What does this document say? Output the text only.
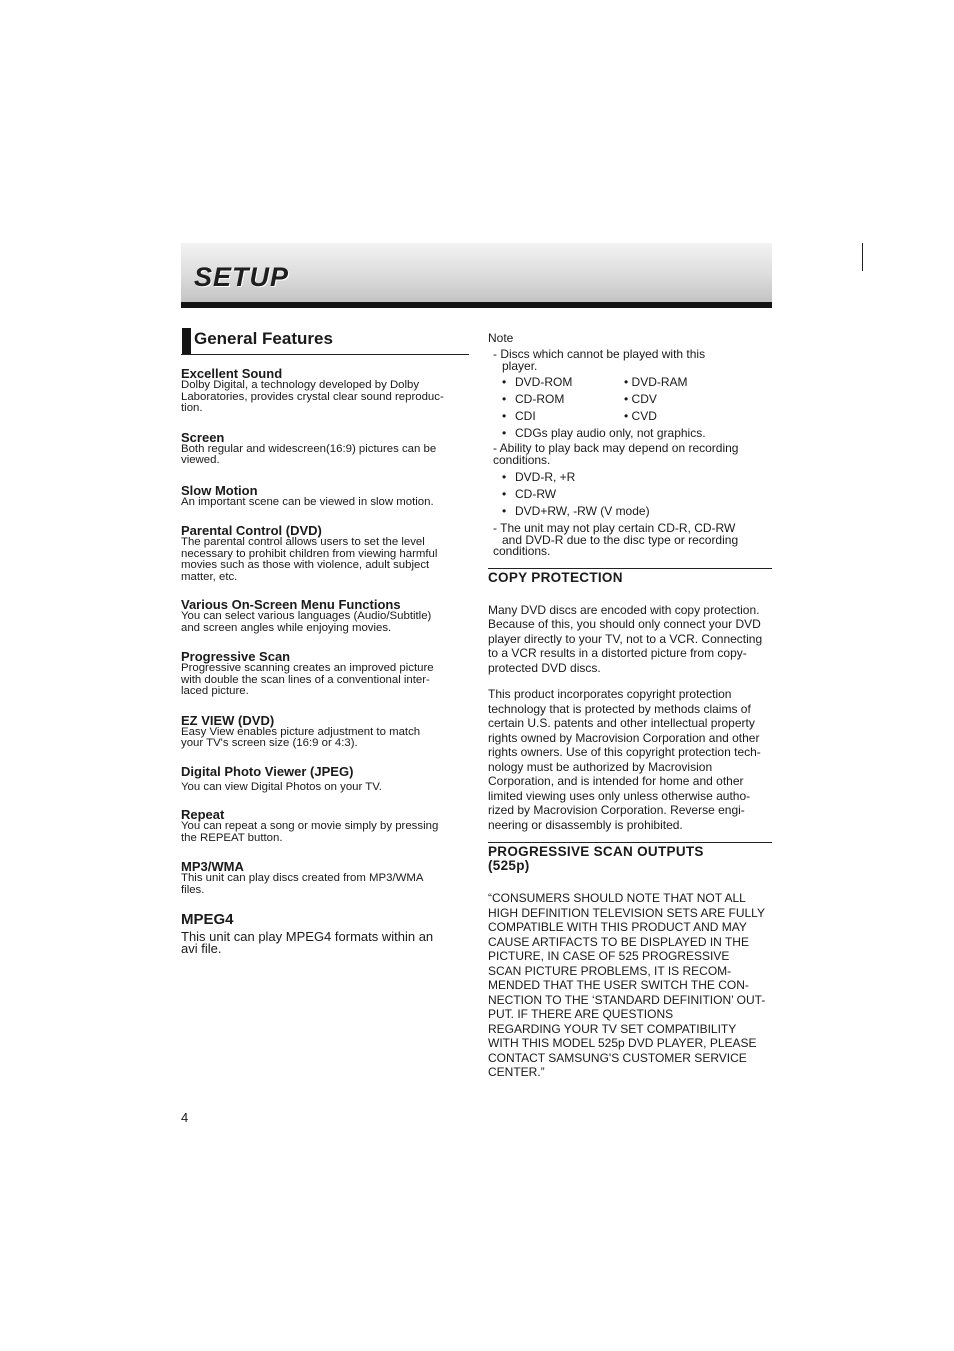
SETUP
General Features
Excellent Sound

Dolby Digital, a technology developed by Dolby

Laboratories, provides crystal clear sound reproduc-

tion.

Screen

Both regular and widescreen(16:9) pictures can be

viewed.

Slow Motion

An important scene can be viewed in slow motion.

Parental Control (DVD)

The parental control allows users to set the level

necessary to prohibit children from viewing harmful

movies such as those with violence, adult subject

matter, etc.

Various On-Screen Menu Functions

You can select various languages (Audio/Subtitle)

and screen angles while enjoying movies.

Progressive Scan

Progressive scanning creates an improved picture

with double the scan lines of a conventional inter-

laced picture.

EZ VIEW (DVD)

Easy View enables picture adjustment to match

your TV's screen size (16:9 or 4:3).

Digital Photo Viewer (JPEG)

You can view Digital Photos on your TV.

Repeat

You can repeat a song or movie simply by pressing

the REPEAT button.

MP3/WMA

This unit can play discs created from MP3/WMA

files.

MPEG4

This unit can play MPEG4 formats within an

avi file.

Note

- Discs which cannot be played with this

player.

• DVD-ROM	• DVD-RAM
• CD-ROM	• CDV
• CDI	• CVD
• CDGs play audio only, not graphics.

- Ability to play back may depend on recording

conditions.

• DVD-R, +R
• CD-RW
• DVD+RW, -RW (V mode)

- The unit may not play certain CD-R, CD-RW

and DVD-R due to the disc type or recording

conditions.

COPY PROTECTION

Many DVD discs are encoded with copy protection.

Because of this, you should only connect your DVD

player directly to your TV, not to a VCR. Connecting

to a VCR results in a distorted picture from copy-

protected DVD discs.

This product incorporates copyright protection

technology that is protected by methods claims of

certain U.S. patents and other intellectual property

rights owned by Macrovision Corporation and other

rights owners. Use of this copyright protection tech-

nology must be authorized by Macrovision

Corporation, and is intended for home and other

limited viewing uses only unless otherwise autho-

rized by Macrovision Corporation. Reverse engi-

neering or disassembly is prohibited.

PROGRESSIVE SCAN OUTPUTS
(525p)

“CONSUMERS SHOULD NOTE THAT NOT ALL

HIGH DEFINITION TELEVISION SETS ARE FULLY

COMPATIBLE WITH THIS PRODUCT AND MAY

CAUSE ARTIFACTS TO BE DISPLAYED IN THE

PICTURE, IN CASE OF 525 PROGRESSIVE

SCAN PICTURE PROBLEMS, IT IS RECOM-

MENDED THAT THE USER SWITCH THE CON-

NECTION TO THE ‘STANDARD DEFINITION’ OUT-

PUT. IF THERE ARE QUESTIONS

REGARDING YOUR TV SET COMPATIBILITY

WITH THIS MODEL 525p DVD PLAYER, PLEASE

CONTACT SAMSUNG'S CUSTOMER SERVICE

CENTER.”

4
